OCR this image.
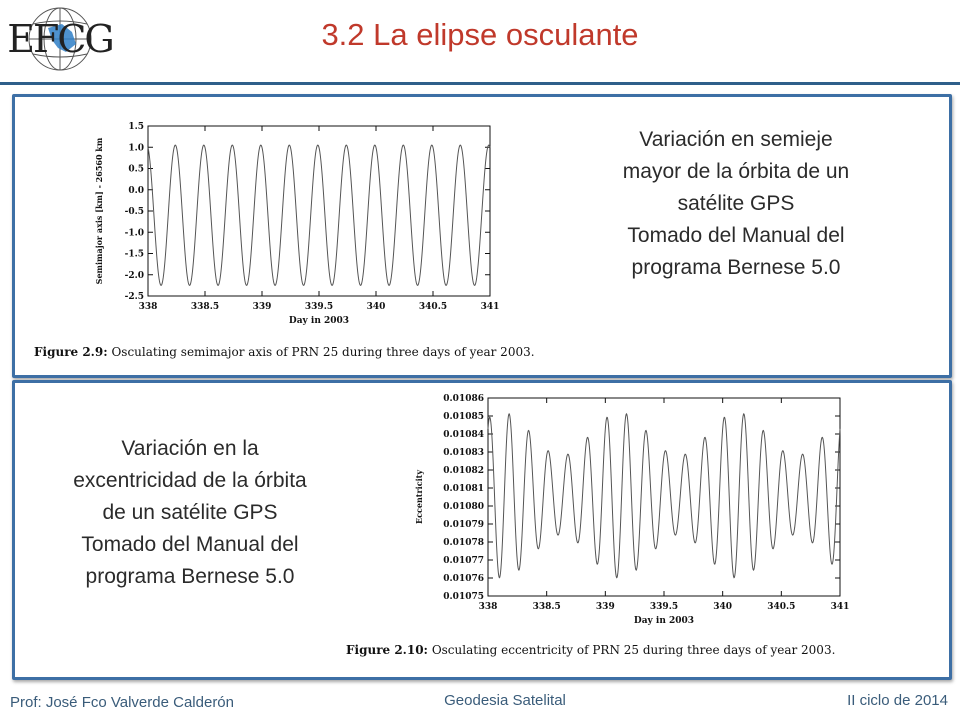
EFCG	3.2 La elipse osculante
338	338.5	339	339.5	340	340.5	341
1.5
1.0
0.5
0.0
-0.5
-1.0
-1.5
-2.0
-2.5
Day in 2003
Semimajor axis [km] - 26560 km	Variación en semieje

mayor de la órbita de un

satélite GPS

Tomado del Manual del

programa Bernese 5.0

Figure 2.9: Osculating semimajor axis of PRN 25 during three days of year 2003.
338	338.5	339	339.5	340	340.5	341
0.01086
0.01085
0.01084
0.01083
0.01082
0.01081
0.01080
0.01079
0.01078
0.01077
0.01076
0.01075
Day in 2003
Eccentricity

Variación en la

excentricidad de la órbita

de un satélite GPS

Tomado del Manual del

programa Bernese 5.0

Figure 2.10: Osculating eccentricity of PRN 25 during three days of year 2003.
Prof: José Fco Valverde Calderón	Geodesia Satelital	II ciclo de 2014
